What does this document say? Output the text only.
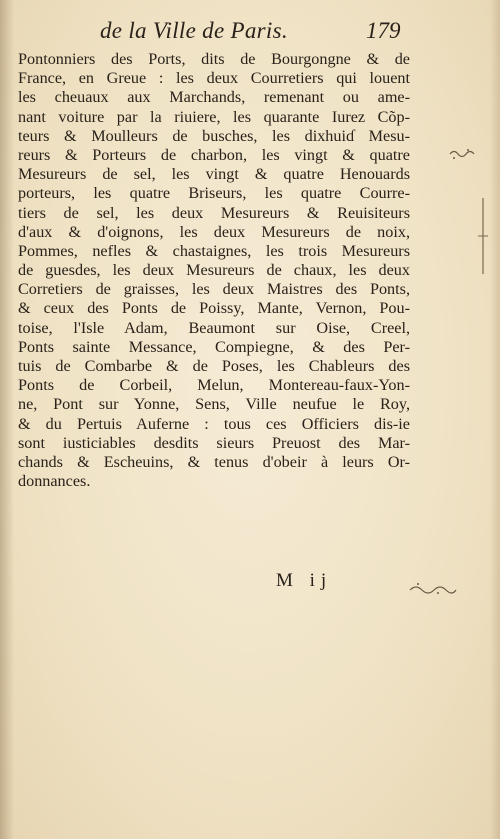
de la Ville de Paris.	179
Pontonniers des Ports, dits de Bourgongne & de
France, en Greue : les deux Courretiers qui louent
les cheuaux aux Marchands, remenant ou ame-
nant voiture par la riuiere, les quarante Iurez Cõp-
teurs & Moulleurs de busches, les dixhuiɗ Mesu-
reurs & Porteurs de charbon, les vingt & quatre
Mesureurs de sel, les vingt & quatre Henouards
porteurs, les quatre Briseurs, les quatre Courre-
tiers de sel, les deux Mesureurs & Reuisiteurs
d'aux & d'oignons, les deux Mesureurs de noix,
Pommes, nefles & chastaignes, les trois Mesureurs
de guesdes, les deux Mesureurs de chaux, les deux
Corretiers de graisses, les deux Maistres des Ponts,
& ceux des Ponts de Poissy, Mante, Vernon, Pou-
toise, l'Isle Adam, Beaumont sur Oise, Creel,
Ponts sainte Messance, Compiegne, & des Per-
tuis de Combarbe & de Poses, les Chableurs des
Ponts de Corbeil, Melun, Montereau-faux-Yon-
ne, Pont sur Yonne, Sens, Ville neufue le Roy,
& du Pertuis Auferne : tous ces Officiers dis-ie
sont iusticiables desdits sieurs Preuost des Mar-
chands & Escheuins, & tenus d'obeir à leurs Or-
donnances.
M ij
